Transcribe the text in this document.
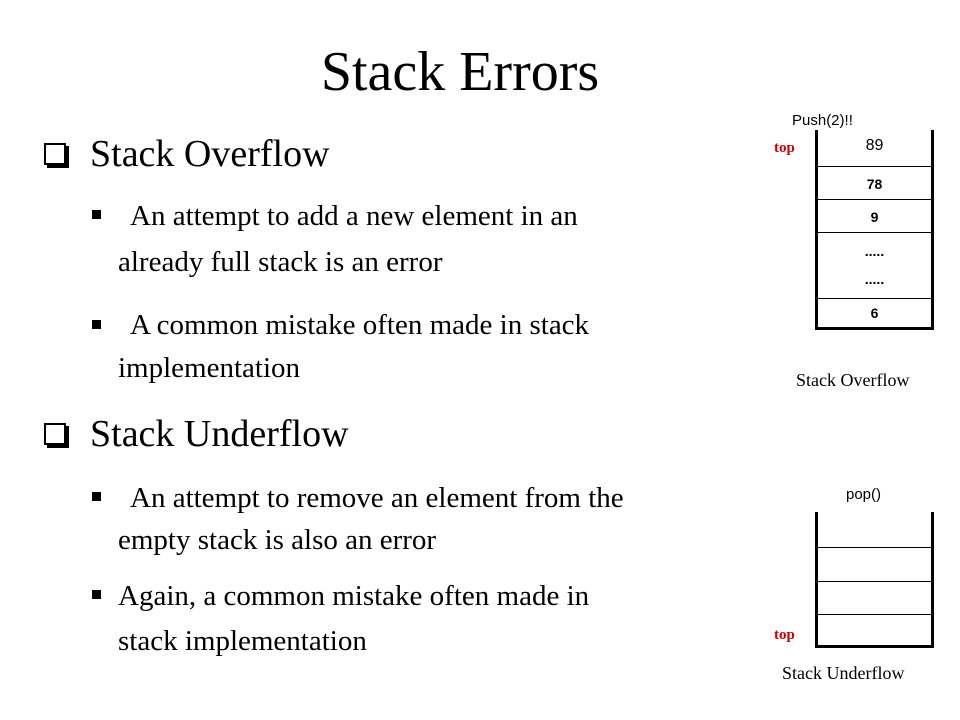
Stack Errors
Stack Overflow
An attempt to add a new element in an
already full stack is an error
A common mistake often made in stack
implementation
Stack Underflow
An attempt to remove an element from the
empty stack is also an error
Again, a common mistake often made in
stack implementation
Push(2)!!
top	89
78
9
.....
.....
6
Stack Overflow
pop()
top
Stack Underflow
